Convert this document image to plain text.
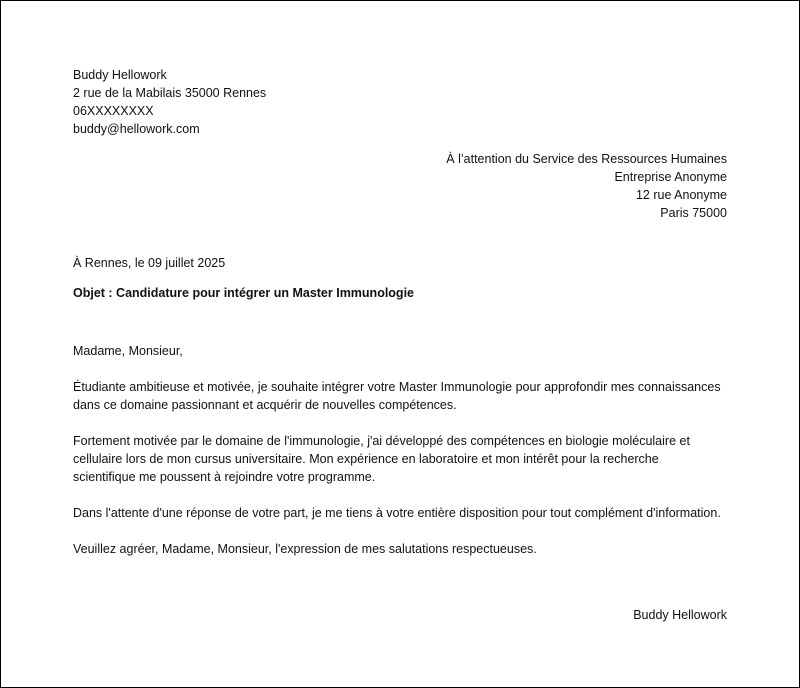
Buddy Hellowork
2 rue de la Mabilais 35000 Rennes
06XXXXXXXX
buddy@hellowork.com
À l’attention du Service des Ressources Humaines
Entreprise Anonyme
12 rue Anonyme
Paris 75000
À Rennes, le 09 juillet 2025
Objet : Candidature pour intégrer un Master Immunologie

Madame, Monsieur,

Étudiante ambitieuse et motivée, je souhaite intégrer votre Master Immunologie pour approfondir mes connaissances dans ce domaine passionnant et acquérir de nouvelles compétences.

Fortement motivée par le domaine de l'immunologie, j'ai développé des compétences en biologie moléculaire et cellulaire lors de mon cursus universitaire. Mon expérience en laboratoire et mon intérêt pour la recherche scientifique me poussent à rejoindre votre programme.

Dans l'attente d'une réponse de votre part, je me tiens à votre entière disposition pour tout complément d'information.

Veuillez agréer, Madame, Monsieur, l'expression de mes salutations respectueuses.

Buddy Hellowork
